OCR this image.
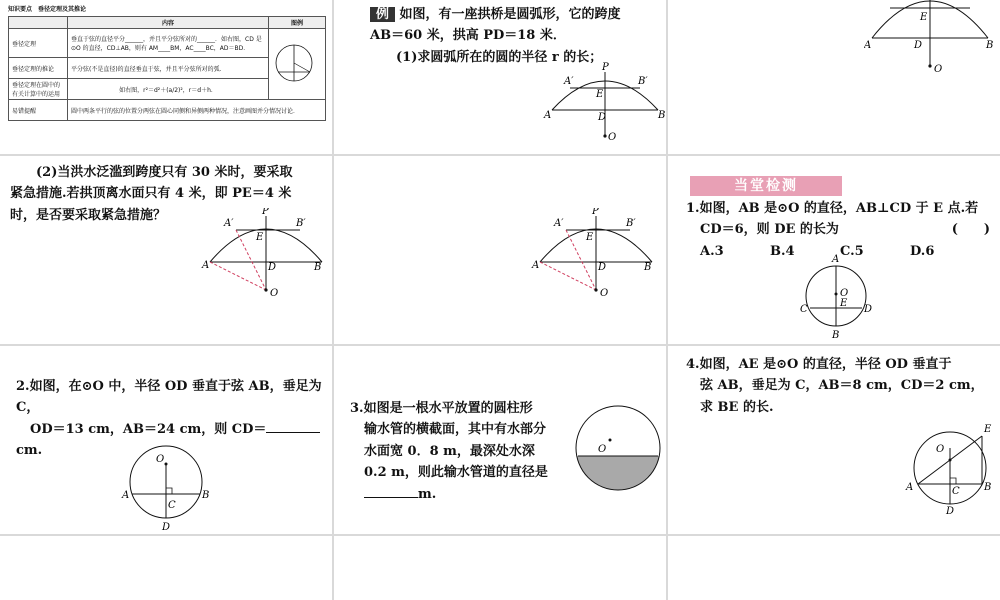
知识要点　垂径定理及其推论
	内容	图例
垂径定理	垂直于弦的直径平分______，并且平分弦所对的______．如右图，CD 是⊙O 的直径，CD⊥AB，则有 AM____BM，AC____BC，AD＝BD．	
垂径定理的推论	平分弦(不是直径)的直径垂直于弦，并且平分弦所对的弧．	
垂径定理在圆中的有关计算中的运用	如右图，r²＝d²＋(a/2)²，r＝d＋h．	
易错提醒	圆中两条平行的弦的位置分两弦在圆心同侧和异侧两种情况，注意画图并分情况讨论．	
例 如图，有一座拱桥是圆弧形，它的跨度
AB＝60 米，拱高 PD＝18 米．
(1)求圆弧所在的圆的半径 r 的长；
A	B
D
E
P
O
A′	B′
A	B
D
E
O
(2)当洪水泛滥到跨度只有 30 米时，要采取
紧急措施.若拱顶离水面只有 4 米，即 PE＝4 米
时，是否要采取紧急措施？
A	B
D
E
P
O
A′	B′
A	B
D
E
P
O
A′	B′
当堂检测
1.如图，AB 是⊙O 的直径，AB⊥CD 于 E 点.若
CD＝6，则 DE 的长为	(　　)

A.3	B.4	C.5	D.6
A
B
C	D
E
O
2.如图，在⊙O 中，半径 OD 垂直于弦 AB，垂足为 C，
OD＝13 cm，AB＝24 cm，则 CD＝cm.
O
A	B
C
D
3.如图是一根水平放置的圆柱形
输水管的横截面，其中有水部分
水面宽 0．8 m，最深处水深
0.2 m，则此输水管道的直径是
m.
O
4.如图，AE 是⊙O 的直径，半径 OD 垂直于
弦 AB，垂足为 C，AB＝8 cm，CD＝2 cm，
求 BE 的长.
O
A	B
C
D
E
